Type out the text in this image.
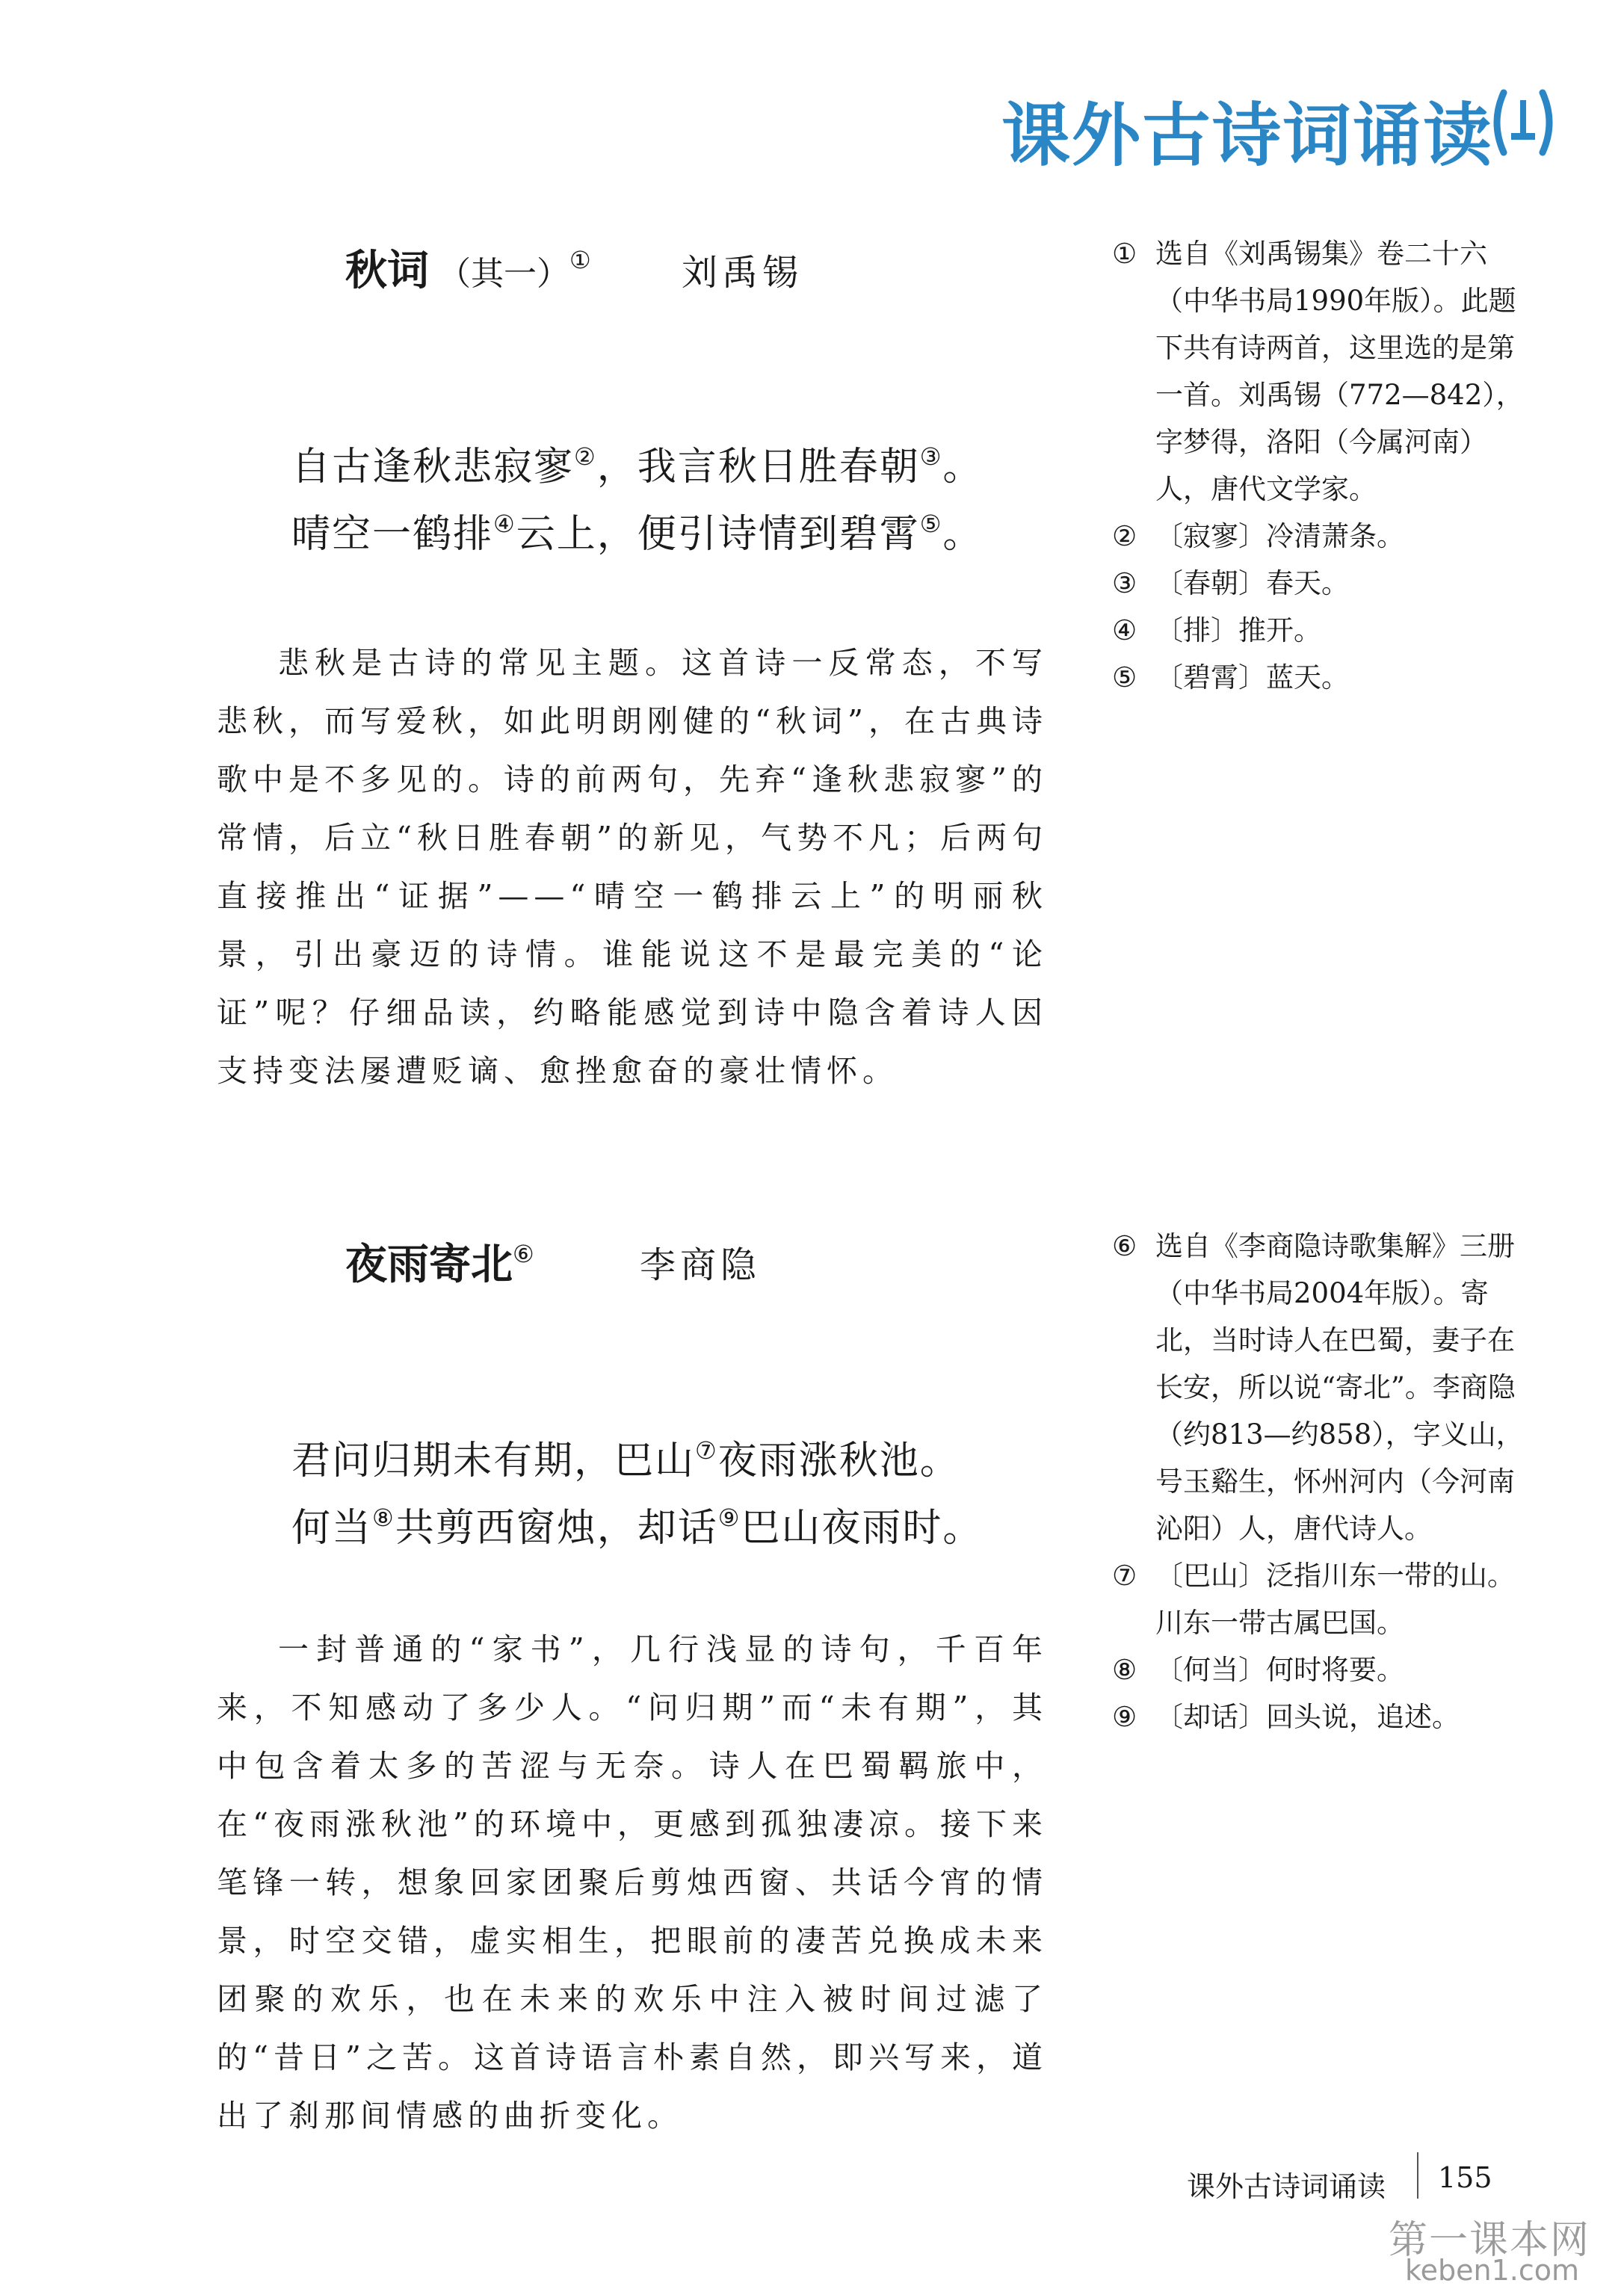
课外古诗词诵读
秋词 （其一）①	刘禹锡
自古逢秋悲寂寥②，我言秋日胜春朝③。
晴空一鹤排④云上，便引诗情到碧霄⑤。
悲秋是古诗的常见主题。这首诗一反常态，不写悲秋，而写爱秋，如此明朗刚健的“秋词”，在古典诗歌中是不多见的。诗的前两句，先弃“逢秋悲寂寥”的常情，后立“秋日胜春朝”的新见，气势不凡；后两句直接推出“证据”——“晴空一鹤排云上”的明丽秋景，引出豪迈的诗情。谁能说这不是最完美的“论证”呢？仔细品读，约略能感觉到诗中隐含着诗人因支持变法屡遭贬谪、愈挫愈奋的豪壮情怀。
① 选自《刘禹锡集》卷二十六（中华书局1990年版）。此题下共有诗两首，这里选的是第一首。刘禹锡（772—842），字梦得，洛阳（今属河南）人，唐代文学家。
② 〔寂寥〕冷清萧条。
③ 〔春朝〕春天。
④ 〔排〕推开。
⑤ 〔碧霄〕蓝天。
夜雨寄北⑥	李商隐
君问归期未有期，巴山⑦夜雨涨秋池。
何当⑧共剪西窗烛，却话⑨巴山夜雨时。
一封普通的“家书”，几行浅显的诗句，千百年来，不知感动了多少人。“问归期”而“未有期”，其中包含着太多的苦涩与无奈。诗人在巴蜀羁旅中，在“夜雨涨秋池”的环境中，更感到孤独凄凉。接下来笔锋一转，想象回家团聚后剪烛西窗、共话今宵的情景，时空交错，虚实相生，把眼前的凄苦兑换成未来团聚的欢乐，也在未来的欢乐中注入被时间过滤了的“昔日”之苦。这首诗语言朴素自然，即兴写来，道出了刹那间情感的曲折变化。
⑥ 选自《李商隐诗歌集解》三册（中华书局2004年版）。寄北，当时诗人在巴蜀，妻子在长安，所以说“寄北”。李商隐（约813—约858），字义山，号玉谿生，怀州河内（今河南沁阳）人，唐代诗人。
⑦ 〔巴山〕泛指川东一带的山。川东一带古属巴国。
⑧ 〔何当〕何时将要。
⑨ 〔却话〕回头说，追述。
课外古诗词诵读 155
第一课本网
keben1.com
